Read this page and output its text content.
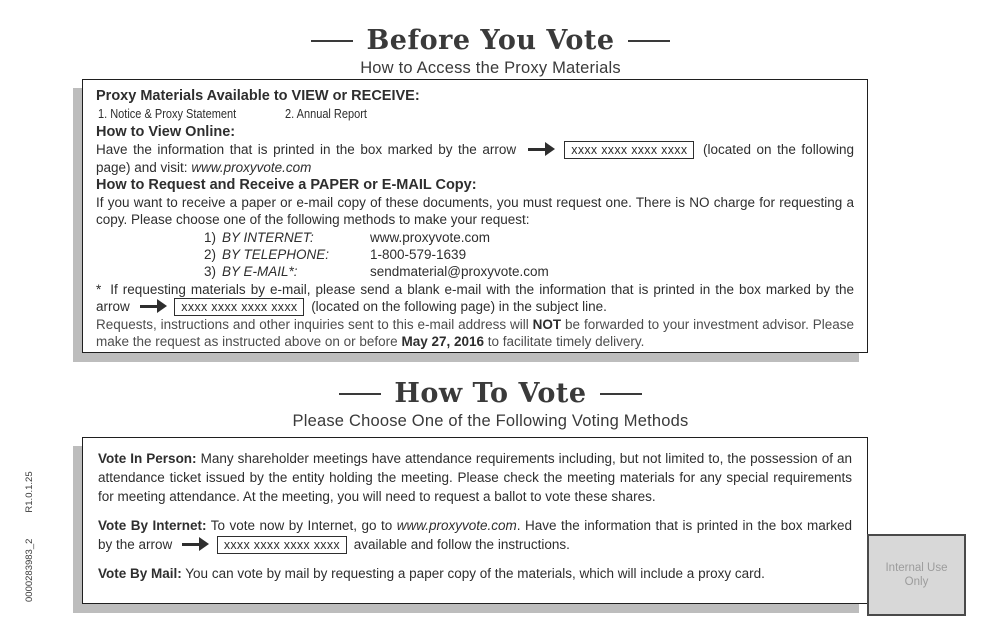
0000283983_2
R1.0.1.25
Before You Vote
How to Access the Proxy Materials
Proxy Materials Available to VIEW or RECEIVE:
1. Notice & Proxy Statement	2. Annual Report
How to View Online:

Have the information that is printed in the box marked by the arrow	xxxx xxxx xxxx xxxx (located on the following page) and visit: www.proxyvote.com

How to Request and Receive a PAPER or E-MAIL Copy:

If you want to receive a paper or e-mail copy of these documents, you must request one. There is NO charge for requesting a copy. Please choose one of the following methods to make your request:

1) BY INTERNET:	www.proxyvote.com
2) BY TELEPHONE:	1-800-579-1639
3) BY E-MAIL*:	sendmaterial@proxyvote.com

* If requesting materials by e-mail, please send a blank e-mail with the information that is printed in the box marked by the arrow	xxxx xxxx xxxx xxxx (located on the following page) in the subject line.

Requests, instructions and other inquiries sent to this e-mail address will NOT be forwarded to your investment advisor. Please make the request as instructed above on or before May 27, 2016 to facilitate timely delivery.

How To Vote
Please Choose One of the Following Voting Methods

Vote In Person: Many shareholder meetings have attendance requirements including, but not limited to, the possession of an attendance ticket issued by the entity holding the meeting. Please check the meeting materials for any special requirements for meeting attendance. At the meeting, you will need to request a ballot to vote these shares.

Vote By Internet: To vote now by Internet, go to www.proxyvote.com. Have the information that is printed in the box marked by the arrow	xxxx xxxx xxxx xxxx available and follow the instructions.

Vote By Mail: You can vote by mail by requesting a paper copy of the materials, which will include a proxy card.	Internal Use
Only
